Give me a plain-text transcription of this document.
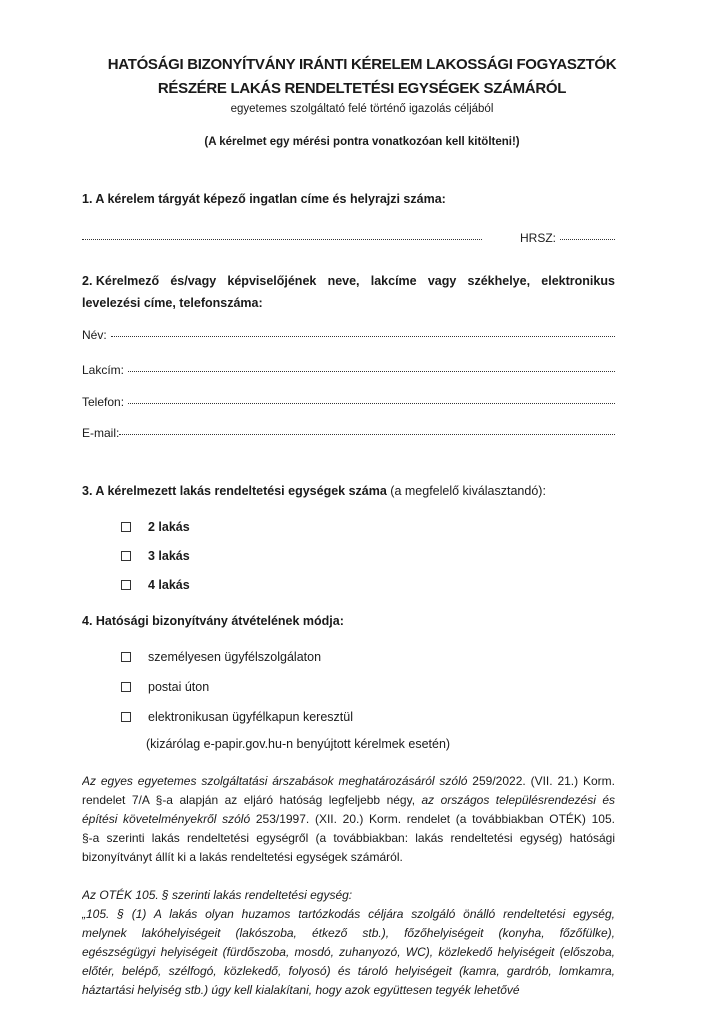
HATÓSÁGI BIZONYÍTVÁNY IRÁNTI KÉRELEM LAKOSSÁGI FOGYASZTÓK
RÉSZÉRE LAKÁS RENDELTETÉSI EGYSÉGEK SZÁMÁRÓL
egyetemes szolgáltató felé történő igazolás céljából
(A kérelmet egy mérési pontra vonatkozóan kell kitölteni!)
1. A kérelem tárgyát képező ingatlan címe és helyrajzi száma:
HRSZ:
2. Kérelmező és/vagy képviselőjének neve, lakcíme vagy székhelye, elektronikus
levelezési címe, telefonszáma:
Név:
Lakcím:
Telefon:
E-mail:
3. A kérelmezett lakás rendeltetési egységek száma (a megfelelő kiválasztandó):
2 lakás
3 lakás
4 lakás
4. Hatósági bizonyítvány átvételének módja:
személyesen ügyfélszolgálaton
postai úton
elektronikusan ügyfélkapun keresztül
(kizárólag e-papir.gov.hu-n benyújtott kérelmek esetén)
Az egyes egyetemes szolgáltatási árszabások meghatározásáról szóló 259/2022. (VII. 21.) Korm.
rendelet 7/A §-a alapján az eljáró hatóság legfeljebb négy, az országos településrendezési és
építési követelményekről szóló 253/1997. (XII. 20.) Korm. rendelet (a továbbiakban OTÉK) 105.
§-a szerinti lakás rendeltetési egységről (a továbbiakban: lakás rendeltetési egység) hatósági
bizonyítványt állít ki a lakás rendeltetési egységek számáról.
Az OTÉK 105. § szerinti lakás rendeltetési egység:
„105. § (1) A lakás olyan huzamos tartózkodás céljára szolgáló önálló rendeltetési egység,
melynek lakóhelyiségeit (lakószoba, étkező stb.), főzőhelyiségeit (konyha, főzőfülke),
egészségügyi helyiségeit (fürdőszoba, mosdó, zuhanyozó, WC), közlekedő helyiségeit (előszoba,
előtér, belépő, szélfogó, közlekedő, folyosó) és tároló helyiségeit (kamra, gardrób, lomkamra,
háztartási helyiség stb.) úgy kell kialakítani, hogy azok együttesen tegyék lehetővé
